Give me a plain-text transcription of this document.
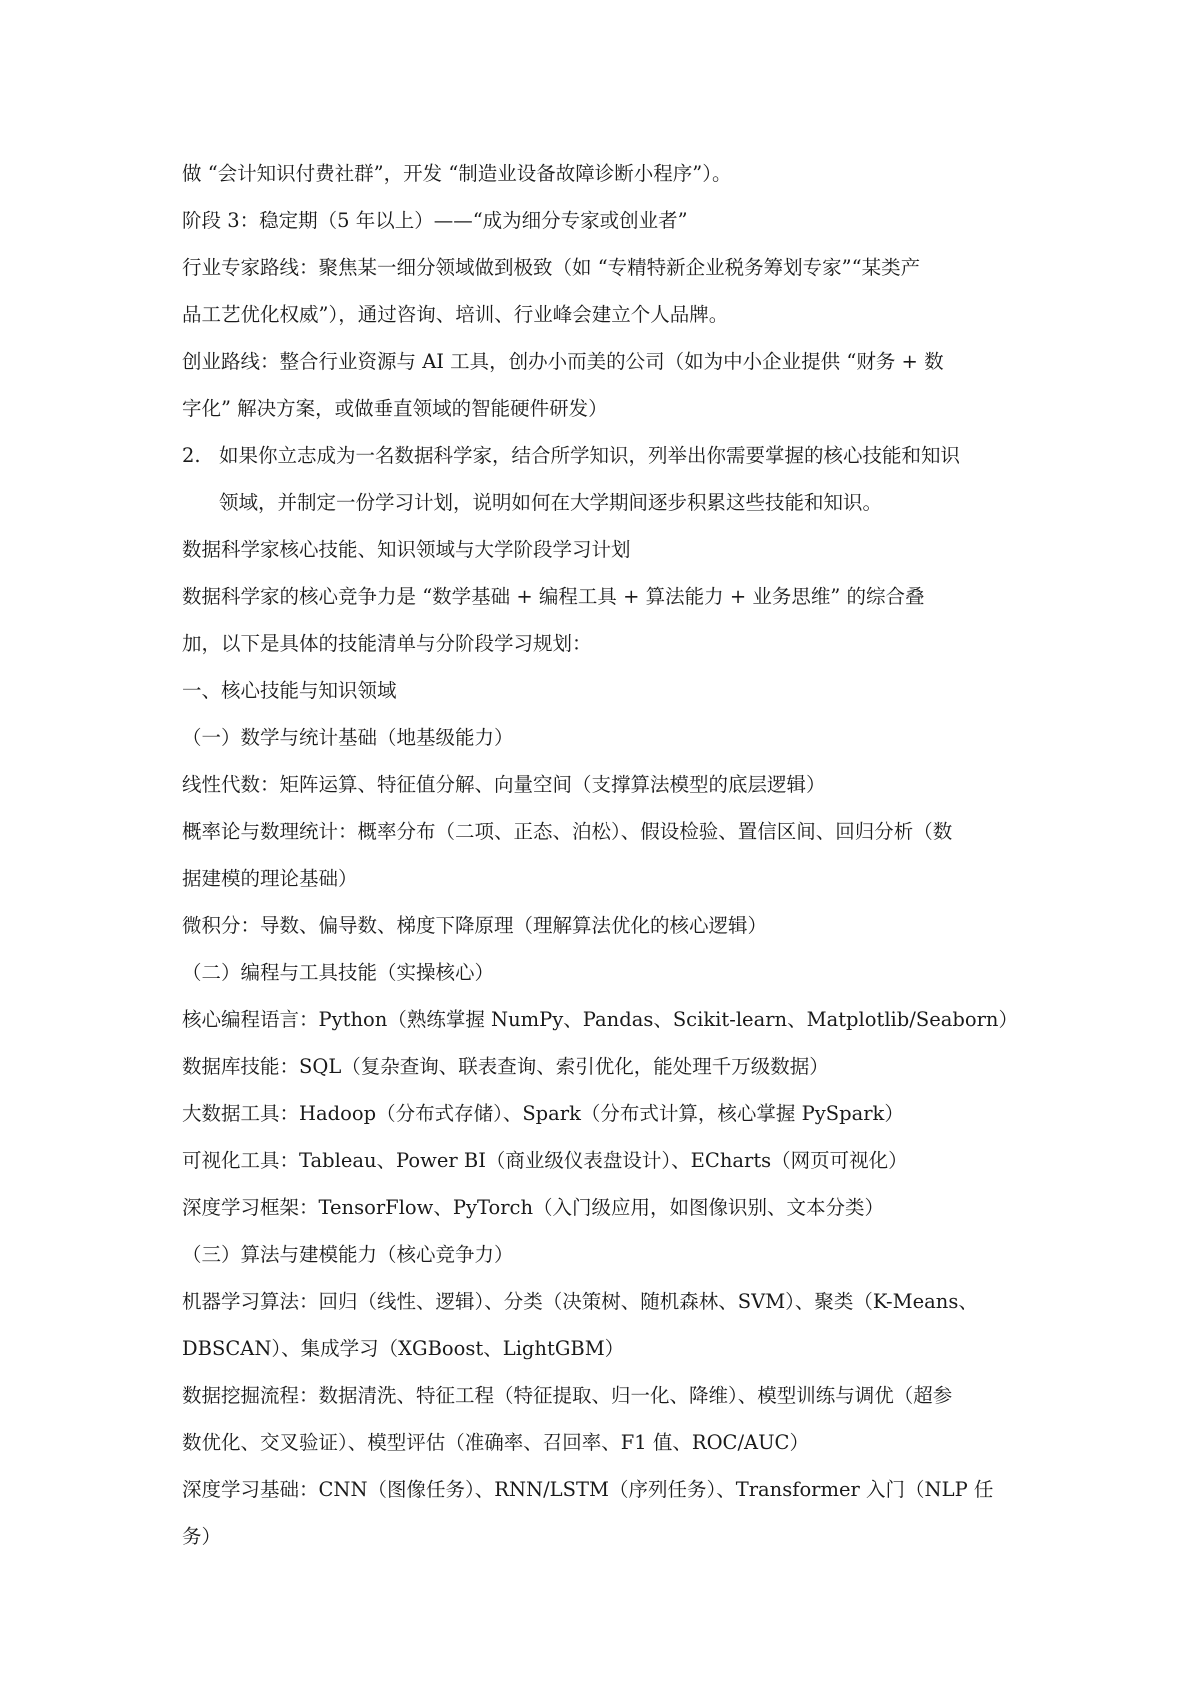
做 “会计知识付费社群”，开发 “制造业设备故障诊断小程序”）。

阶段 3：稳定期（5 年以上）——“成为细分专家或创业者”

行业专家路线：聚焦某一细分领域做到极致（如 “专精特新企业税务筹划专家”“某类产

品工艺优化权威”），通过咨询、培训、行业峰会建立个人品牌。

创业路线：整合行业资源与 AI 工具，创办小而美的公司（如为中小企业提供 “财务 + 数

字化” 解决方案，或做垂直领域的智能硬件研发）

2. 如果你立志成为一名数据科学家，结合所学知识，列举出你需要掌握的核心技能和知识
领域，并制定一份学习计划，说明如何在大学期间逐步积累这些技能和知识。

数据科学家核心技能、知识领域与大学阶段学习计划

数据科学家的核心竞争力是 “数学基础 + 编程工具 + 算法能力 + 业务思维” 的综合叠

加，以下是具体的技能清单与分阶段学习规划：

一、核心技能与知识领域

（一）数学与统计基础（地基级能力）

线性代数：矩阵运算、特征值分解、向量空间（支撑算法模型的底层逻辑）

概率论与数理统计：概率分布（二项、正态、泊松）、假设检验、置信区间、回归分析（数

据建模的理论基础）

微积分：导数、偏导数、梯度下降原理（理解算法优化的核心逻辑）

（二）编程与工具技能（实操核心）

核心编程语言：Python（熟练掌握 NumPy、Pandas、Scikit-learn、Matplotlib/Seaborn）

数据库技能：SQL（复杂查询、联表查询、索引优化，能处理千万级数据）

大数据工具：Hadoop（分布式存储）、Spark（分布式计算，核心掌握 PySpark）

可视化工具：Tableau、Power BI（商业级仪表盘设计）、ECharts（网页可视化）

深度学习框架：TensorFlow、PyTorch（入门级应用，如图像识别、文本分类）

（三）算法与建模能力（核心竞争力）

机器学习算法：回归（线性、逻辑）、分类（决策树、随机森林、SVM）、聚类（K-Means、

DBSCAN）、集成学习（XGBoost、LightGBM）

数据挖掘流程：数据清洗、特征工程（特征提取、归一化、降维）、模型训练与调优（超参

数优化、交叉验证）、模型评估（准确率、召回率、F1 值、ROC/AUC）

深度学习基础：CNN（图像任务）、RNN/LSTM（序列任务）、Transformer 入门（NLP 任

务）
